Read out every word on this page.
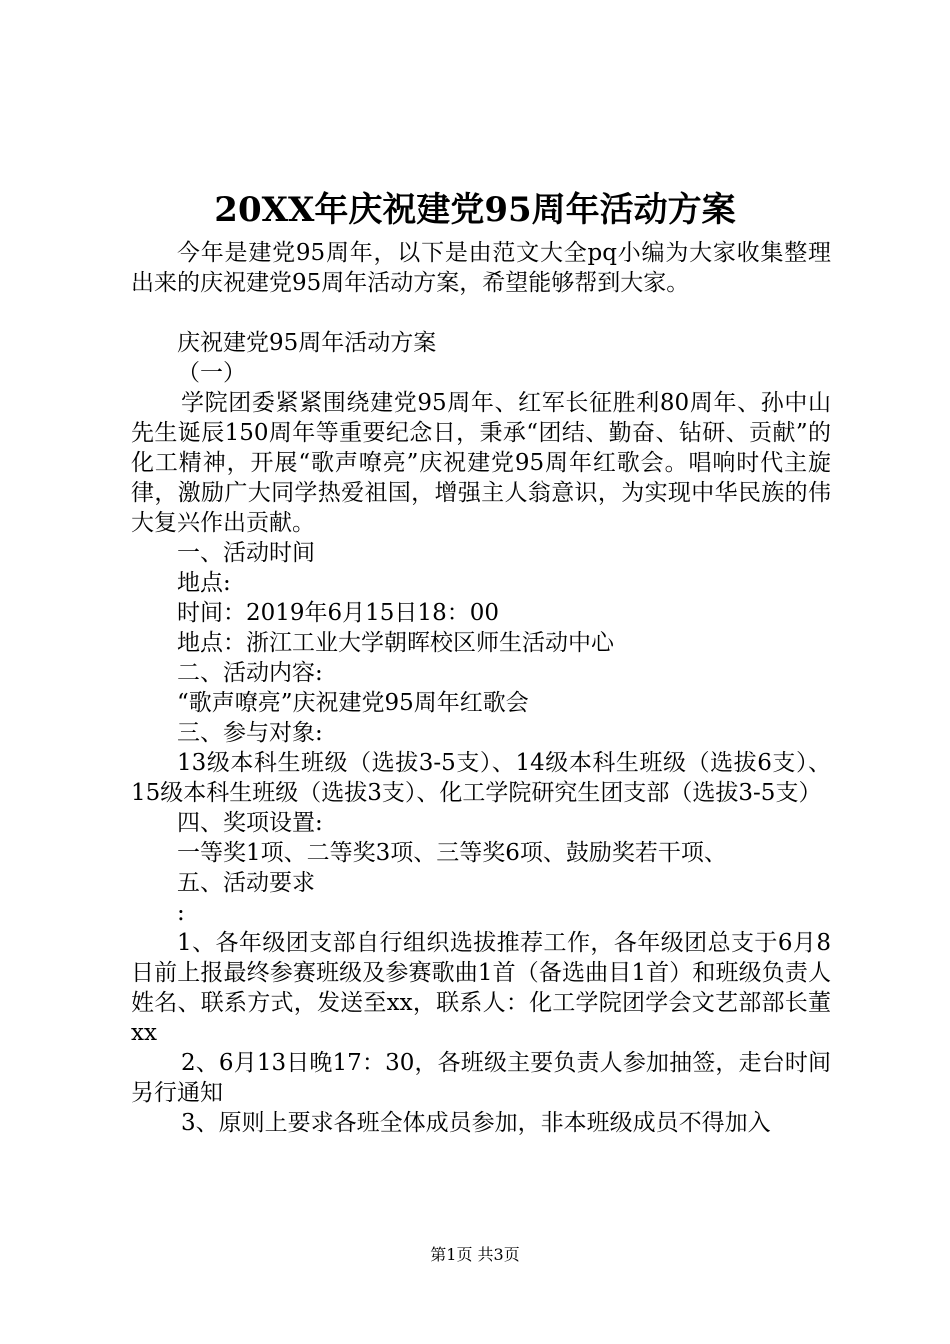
20XX年庆祝建党95周年活动方案

今年是建党95周年，以下是由范文大全pq小编为大家收集整理出来的庆祝建党95周年活动方案，希望能够帮到大家。

庆祝建党95周年活动方案

（一）

学院团委紧紧围绕建党95周年、红军长征胜利80周年、孙中山先生诞辰150周年等重要纪念日，秉承“团结、勤奋、钻研、贡献”的化工精神，开展“歌声嘹亮”庆祝建党95周年红歌会。唱响时代主旋律，激励广大同学热爱祖国，增强主人翁意识，为实现中华民族的伟大复兴作出贡献。

一、活动时间

地点:

时间：2019年6月15日18：00

地点：浙江工业大学朝晖校区师生活动中心

二、活动内容:

“歌声嘹亮”庆祝建党95周年红歌会

三、参与对象:

13级本科生班级（选拔3-5支）、14级本科生班级（选拔6支）、15级本科生班级（选拔3支）、化工学院研究生团支部（选拔3-5支）

四、奖项设置:

一等奖1项、二等奖3项、三等奖6项、鼓励奖若干项、

五、活动要求

:

1、各年级团支部自行组织选拔推荐工作，各年级团总支于6月8日前上报最终参赛班级及参赛歌曲1首（备选曲目1首）和班级负责人姓名、联系方式，发送至xx，联系人：化工学院团学会文艺部部长董xx

2、6月13日晚17：30，各班级主要负责人参加抽签，走台时间另行通知

3、原则上要求各班全体成员参加，非本班级成员不得加入

第1页 共3页
